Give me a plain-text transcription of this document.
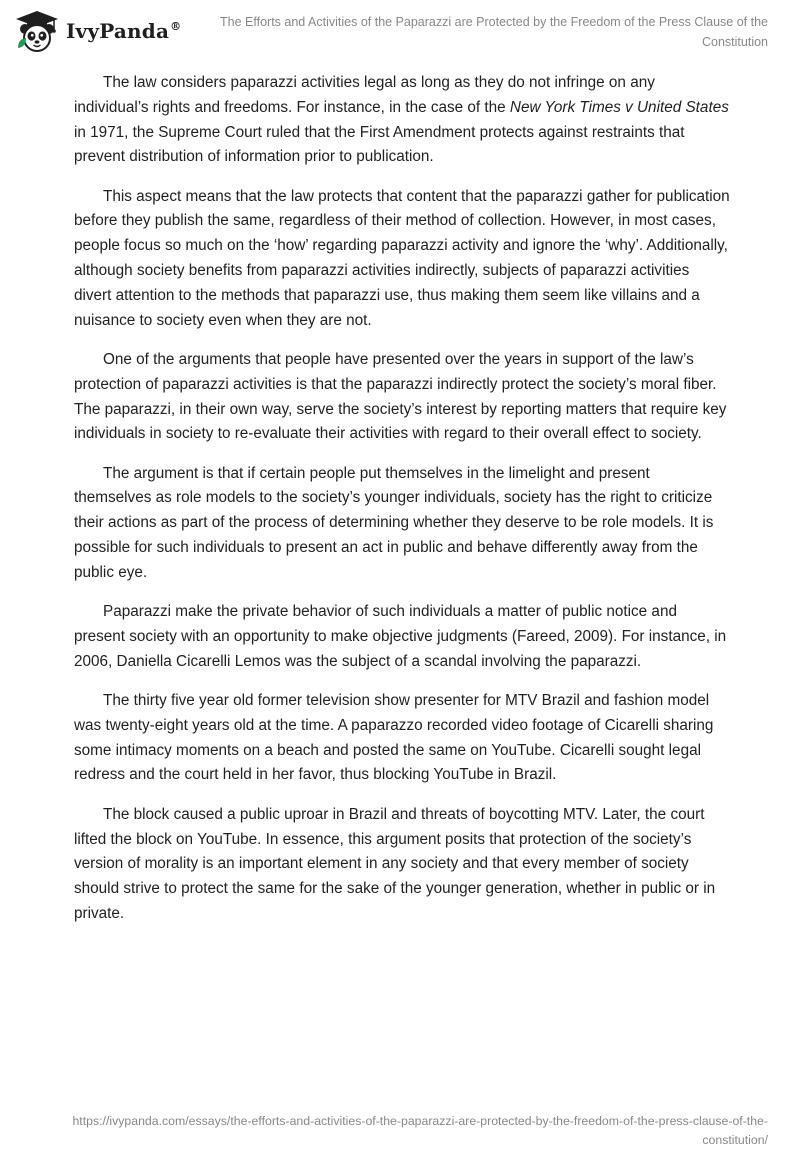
IvyPanda®	The Efforts and Activities of the Paparazzi are Protected by the Freedom of the Press Clause of the Constitution

The law considers paparazzi activities legal as long as they do not infringe on any individual’s rights and freedoms. For instance, in the case of the New York Times v United States in 1971, the Supreme Court ruled that the First Amendment protects against restraints that prevent distribution of information prior to publication.

This aspect means that the law protects that content that the paparazzi gather for publication before they publish the same, regardless of their method of collection. However, in most cases, people focus so much on the ‘how’ regarding paparazzi activity and ignore the ‘why’. Additionally, although society benefits from paparazzi activities indirectly, subjects of paparazzi activities divert attention to the methods that paparazzi use, thus making them seem like villains and a nuisance to society even when they are not.

One of the arguments that people have presented over the years in support of the law’s protection of paparazzi activities is that the paparazzi indirectly protect the society’s moral fiber. The paparazzi, in their own way, serve the society’s interest by reporting matters that require key individuals in society to re-evaluate their activities with regard to their overall effect to society.

The argument is that if certain people put themselves in the limelight and present themselves as role models to the society’s younger individuals, society has the right to criticize their actions as part of the process of determining whether they deserve to be role models. It is possible for such individuals to present an act in public and behave differently away from the public eye.

Paparazzi make the private behavior of such individuals a matter of public notice and present society with an opportunity to make objective judgments (Fareed, 2009). For instance, in 2006, Daniella Cicarelli Lemos was the subject of a scandal involving the paparazzi.

The thirty five year old former television show presenter for MTV Brazil and fashion model was twenty-eight years old at the time. A paparazzo recorded video footage of Cicarelli sharing some intimacy moments on a beach and posted the same on YouTube. Cicarelli sought legal redress and the court held in her favor, thus blocking YouTube in Brazil.

The block caused a public uproar in Brazil and threats of boycotting MTV. Later, the court lifted the block on YouTube. In essence, this argument posits that protection of the society’s version of morality is an important element in any society and that every member of society should strive to protect the same for the sake of the younger generation, whether in public or in private.

https://ivypanda.com/essays/the-efforts-and-activities-of-the-paparazzi-are-protected-by-the-freedom-of-the-press-clause-of-the-constitution/
